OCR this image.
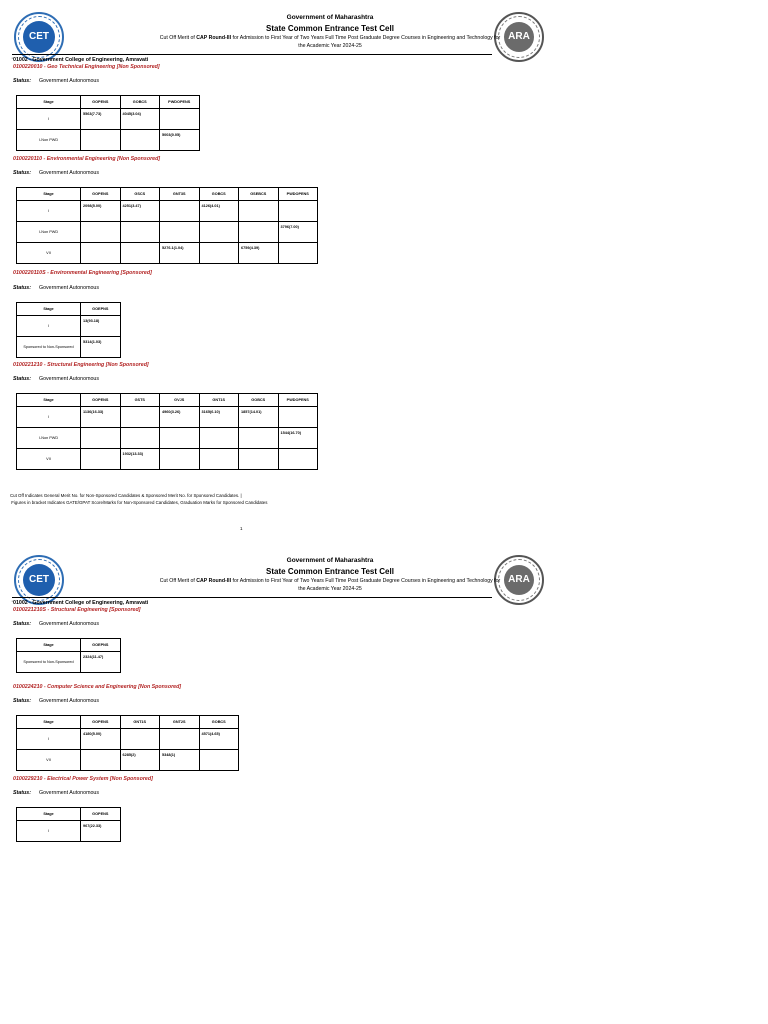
CET	ARA
Government of Maharashtra
State Common Entrance Test Cell
Cut Off Merit of CAP Round-III for Admission to First Year of Two Years Full Time Post Graduate Degree Courses in Engineering and Technology for
the Academic Year 2024-25
· 01002 - Government College of Engineering, Amravati
0100220010 - Geo Technical Engineering [Non Sponsored]
Status: Government Autonomous
Stage	GOPENS	GOBCS	PWDOPENS
I	5563(7.73)	4045(3.04)	
I-Non PWD			5003(0.05)
0100220110 - Environmental Engineering [Non Sponsored]
Status: Government Autonomous
Stage	GOPENS	GSCS	GNT3S	GOBCS	GSEBCS	PWDOPENS
I	2098(5.00)	4251(3.47)		4126(4.01)		
I-Non PWD						3796(7.00)
VII			5276.1(1.04)		6759(4.39)	
0100220110S - Environmental Engineering [Sponsored]
Status: Government Autonomous
Stage	GOEPNS
I	13(93.18)
Sponsored to Non-Sponsored	5314(1.03)
0100221210 - Structural Engineering [Non Sponsored]
Status: Government Autonomous
Stage	GOPENS	GSTS	GVJS	GNT1S	GOBCS	PWDOPENS
I	1136(16.33)		4960(3.26)	3165(6.10)	1857(14.01)	
I-Non PWD						1544(16.70)
VII		1932(13.33)				
Cut Off Indicates General Merit No. for Non-Sponsored Candidates & Sponsored Merit No. for Sponsored Candidates. |
Figures in bracket Indicates GATE/GPAT Score/Marks for Non-Sponsored Candidates, Graduation Marks for Sponsored Candidates
1
CET	ARA
Government of Maharashtra
State Common Entrance Test Cell
Cut Off Merit of CAP Round-III for Admission to First Year of Two Years Full Time Post Graduate Degree Courses in Engineering and Technology for
the Academic Year 2024-25
· 01002 - Government College of Engineering, Amravati
0100221210S - Structural Engineering [Sponsored]
Status: Government Autonomous
Stage	GOEPNS
Sponsored to Non-Sponsored	2324(11.47)
0100224210 - Computer Science and Engineering [Non Sponsored]
Status: Government Autonomous
Stage	GOPENS	GNT1S	GNT2S	GOBCS
I	4180(5.00)			4571(4.65)
VII		6285(2)	5348(1)	
0100229210 - Electrical Power System [Non Sponsored]
Status: Government Autonomous
Stage	GOPENS
I	967(22.33)
